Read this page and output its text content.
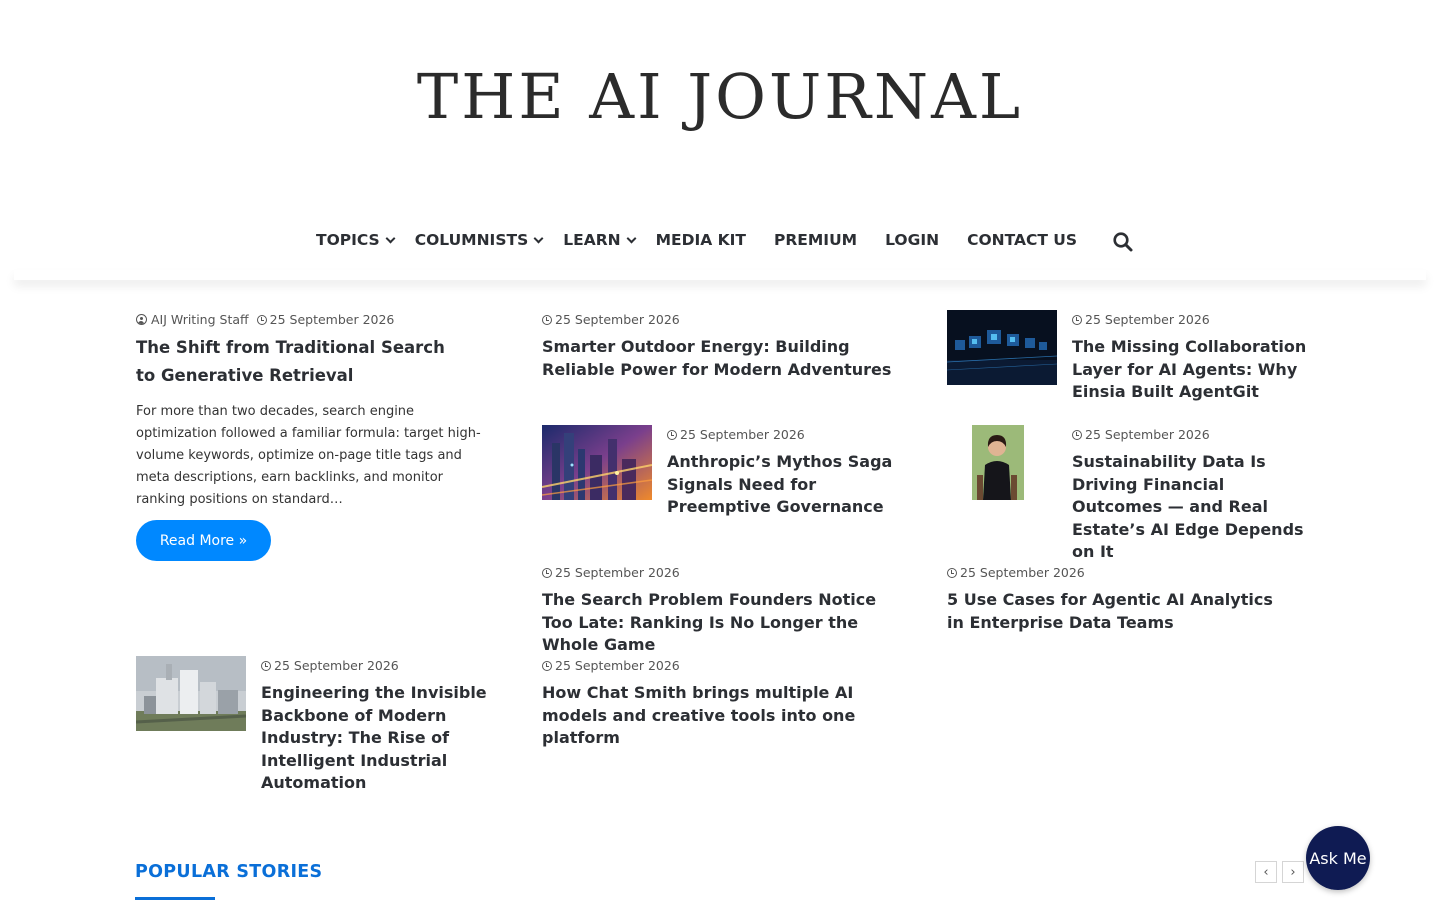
THE AI JOURNAL
TOPICS COLUMNISTS LEARN MEDIA KIT PREMIUM LOGIN CONTACT US
AIJ Writing Staff 25 September 2026
The Shift from Traditional Search to Generative Retrieval
For more than two decades, search engine optimization followed a familiar formula: target high-volume keywords, optimize on-page title tags and meta descriptions, earn backlinks, and monitor ranking positions on standard…
Read More »
25 September 2026
Smarter Outdoor Energy: Building Reliable Power for Modern Adventures
25 September 2026
Anthropic’s Mythos Saga Signals Need for Preemptive Governance
25 September 2026
The Search Problem Founders Notice Too Late: Ranking Is No Longer the Whole Game
25 September 2026
How Chat Smith brings multiple AI models and creative tools into one platform
25 September 2026
The Missing Collaboration Layer for AI Agents: Why Einsia Built AgentGit
25 September 2026
Sustainability Data Is Driving Financial Outcomes — and Real Estate’s AI Edge Depends on It
25 September 2026
5 Use Cases for Agentic AI Analytics in Enterprise Data Teams
25 September 2026
Engineering the Invisible Backbone of Modern Industry: The Rise of Intelligent Industrial Automation
POPULAR STORIES	‹	›
Ask Me
